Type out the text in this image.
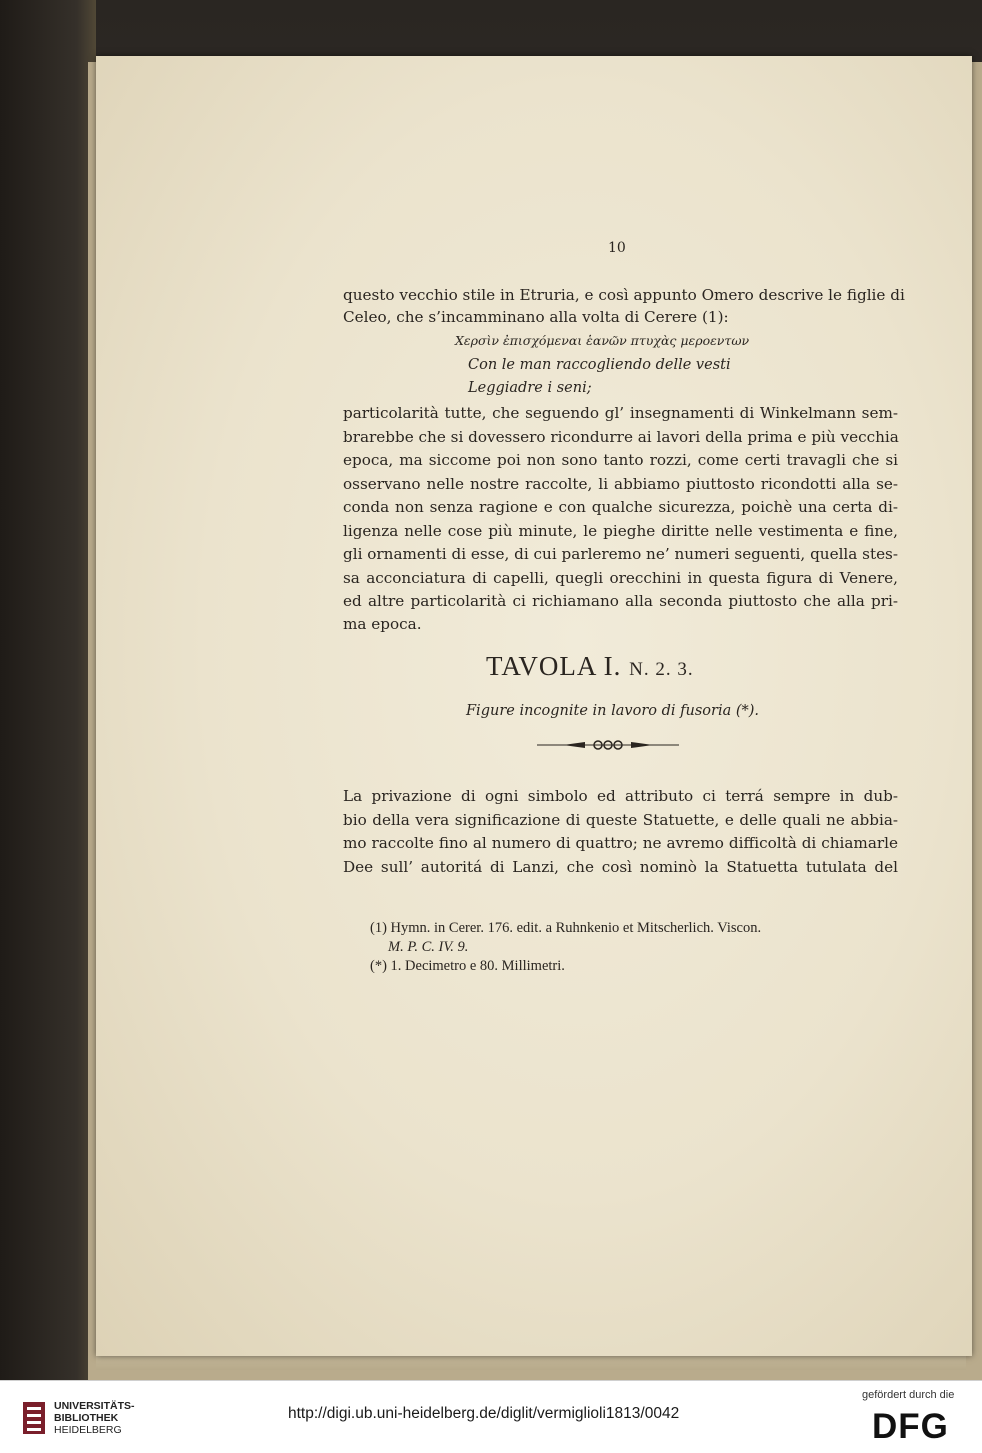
10
questo vecchio stile in Etruria, e così appunto Omero descrive le figlie di
Celeo, che s’incamminano alla volta di Cerere (1):
Χερσὶν ἐπισχόμεναι ἑανῶν πτυχὰς μεροεντων
Con le man raccogliendo delle vesti
Leggiadre i seni;
particolarità tutte, che seguendo gl’ insegnamenti di Winkelmann sem-
brarebbe che si dovessero ricondurre ai lavori della prima e più vecchia
epoca, ma siccome poi non sono tanto rozzi, come certi travagli che si
osservano nelle nostre raccolte, li abbiamo piuttosto ricondotti alla se-
conda non senza ragione e con qualche sicurezza, poichè una certa di-
ligenza nelle cose più minute, le pieghe diritte nelle vestimenta e fine,
gli ornamenti di esse, di cui parleremo ne’ numeri seguenti, quella stes-
sa acconciatura di capelli, quegli orecchini in questa figura di Venere,
ed altre particolarità ci richiamano alla seconda piuttosto che alla pri-
ma epoca.
TAVOLA I. N. 2. 3.
Figure incognite in lavoro di fusoria (*).
La privazione di ogni simbolo ed attributo ci terrá sempre in dub-
bio della vera significazione di queste Statuette, e delle quali ne abbia-
mo raccolte fino al numero di quattro; ne avremo difficoltà di chiamarle
Dee sull’ autoritá di Lanzi, che così nominò la Statuetta tutulata del
(1) Hymn. in Cerer. 176. edit. a Ruhnkenio et Mitscherlich. Viscon.
M. P. C. IV. 9.
(*) 1. Decimetro e 80. Millimetri.
UNIVERSITÄTS-
BIBLIOTHEK
HEIDELBERG
http://digi.ub.uni-heidelberg.de/diglit/vermiglioli1813/0042
gefördert durch die
DFG
